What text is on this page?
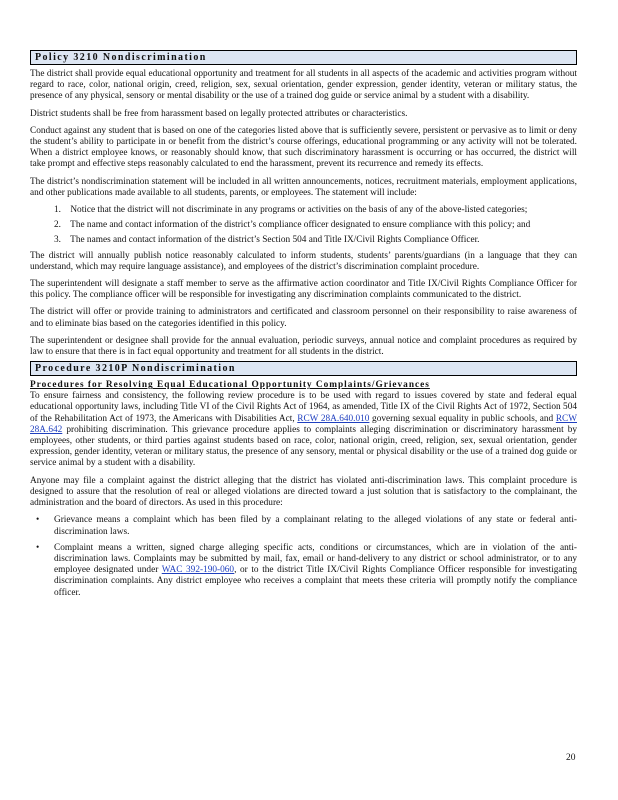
Policy 3210 Nondiscrimination

The district shall provide equal educational opportunity and treatment for all students in all aspects of the academic and activities program without regard to race, color, national origin, creed, religion, sex, sexual orientation, gender expression, gender identity, veteran or military status, the presence of any physical, sensory or mental disability or the use of a trained dog guide or service animal by a student with a disability.

District students shall be free from harassment based on legally protected attributes or characteristics.

Conduct against any student that is based on one of the categories listed above that is sufficiently severe, persistent or pervasive as to limit or deny the student’s ability to participate in or benefit from the district’s course offerings, educational programming or any activity will not be tolerated. When a district employee knows, or reasonably should know, that such discriminatory harassment is occurring or has occurred, the district will take prompt and effective steps reasonably calculated to end the harassment, prevent its recurrence and remedy its effects.

The district’s nondiscrimination statement will be included in all written announcements, notices, recruitment materials, employment applications, and other publications made available to all students, parents, or employees. The statement will include:

1. Notice that the district will not discriminate in any programs or activities on the basis of any of the above-listed categories;
2. The name and contact information of the district’s compliance officer designated to ensure compliance with this policy; and
3. The names and contact information of the district’s Section 504 and Title IX/Civil Rights Compliance Officer.

The district will annually publish notice reasonably calculated to inform students, students’ parents/guardians (in a language that they can understand, which may require language assistance), and employees of the district’s discrimination complaint procedure.

The superintendent will designate a staff member to serve as the affirmative action coordinator and Title IX/Civil Rights Compliance Officer for this policy. The compliance officer will be responsible for investigating any discrimination complaints communicated to the district.

The district will offer or provide training to administrators and certificated and classroom personnel on their responsibility to raise awareness of and to eliminate bias based on the categories identified in this policy.

The superintendent or designee shall provide for the annual evaluation, periodic surveys, annual notice and complaint procedures as required by law to ensure that there is in fact equal opportunity and treatment for all students in the district.

Procedure 3210P Nondiscrimination
Procedures for Resolving Equal Educational Opportunity Complaints/Grievances

To ensure fairness and consistency, the following review procedure is to be used with regard to issues covered by state and federal equal educational opportunity laws, including Title VI of the Civil Rights Act of 1964, as amended, Title IX of the Civil Rights Act of 1972, Section 504 of the Rehabilitation Act of 1973, the Americans with Disabilities Act, RCW 28A.640.010 governing sexual equality in public schools, and RCW 28A.642 prohibiting discrimination. This grievance procedure applies to complaints alleging discrimination or discriminatory harassment by employees, other students, or third parties against students based on race, color, national origin, creed, religion, sex, sexual orientation, gender expression, gender identity, veteran or military status, the presence of any sensory, mental or physical disability or the use of a trained dog guide or service animal by a student with a disability.

Anyone may file a complaint against the district alleging that the district has violated anti-discrimination laws. This complaint procedure is designed to assure that the resolution of real or alleged violations are directed toward a just solution that is satisfactory to the complainant, the administration and the board of directors. As used in this procedure:

• Grievance means a complaint which has been filed by a complainant relating to the alleged violations of any state or federal anti-discrimination laws.
• Complaint means a written, signed charge alleging specific acts, conditions or circumstances, which are in violation of the anti-discrimination laws. Complaints may be submitted by mail, fax, email or hand-delivery to any district or school administrator, or to any employee designated under WAC 392-190-060, or to the district Title IX/Civil Rights Compliance Officer responsible for investigating discrimination complaints. Any district employee who receives a complaint that meets these criteria will promptly notify the compliance officer.
20
